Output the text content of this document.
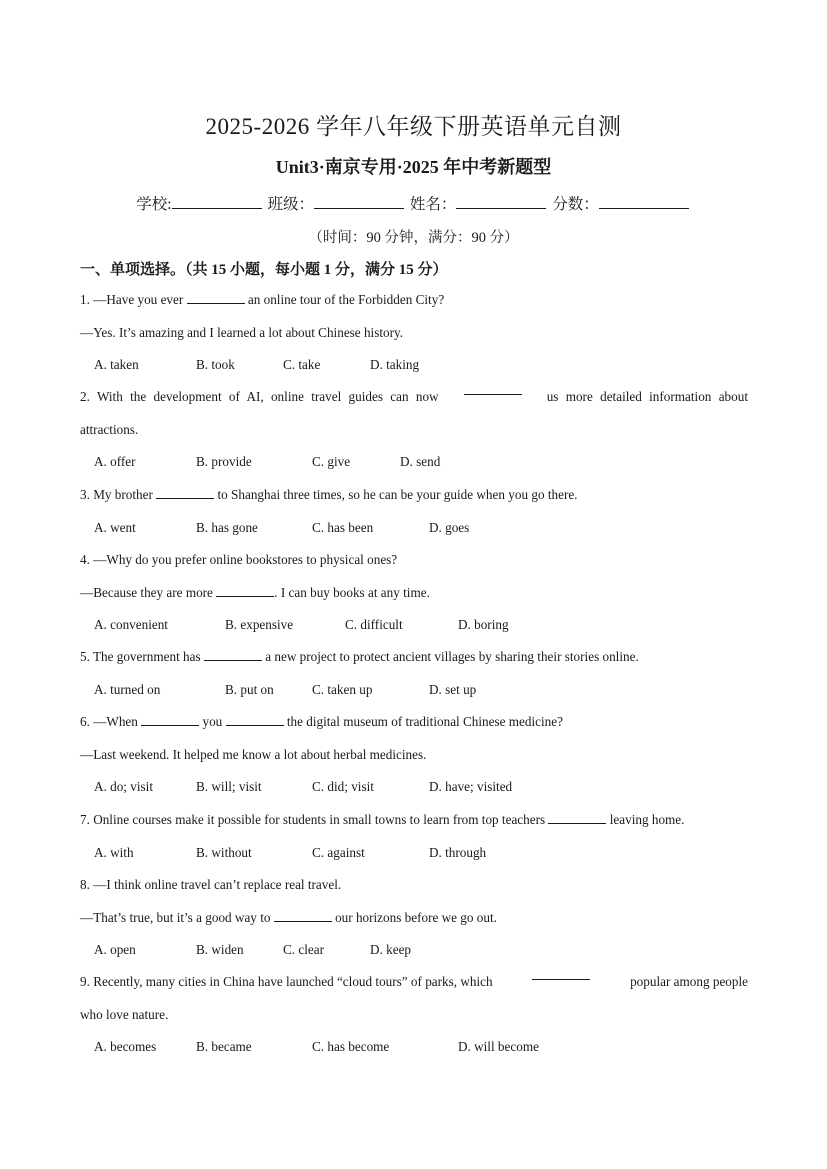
2025-2026 学年八年级下册英语单元自测
Unit3·南京专用·2025 年中考新题型
学校:	班级：	姓名：	分数：
（时间：90 分钟，满分：90 分）
一、单项选择。（共 15 小题，每小题 1 分，满分 15 分）
1. —Have you ever	an online tour of the Forbidden City?
—Yes. It’s amazing and I learned a lot about Chinese history.
A. taken	B. took	C. take	D. taking
2. With the development of AI, online travel guides can now	us more detailed information about
attractions.
A. offer	B. provide	C. give	D. send
3. My brother	to Shanghai three times, so he can be your guide when you go there.
A. went	B. has gone	C. has been	D. goes
4. —Why do you prefer online bookstores to physical ones?
—Because they are more	. I can buy books at any time.
A. convenient	B. expensive	C. difficult	D. boring
5. The government has	a new project to protect ancient villages by sharing their stories online.
A. turned on	B. put on	C. taken up	D. set up
6. —When	you	the digital museum of traditional Chinese medicine?
—Last weekend. It helped me know a lot about herbal medicines.
A. do; visit	B. will; visit	C. did; visit	D. have; visited
7. Online courses make it possible for students in small towns to learn from top teachers	leaving home.
A. with	B. without	C. against	D. through
8. —I think online travel can’t replace real travel.
—That’s true, but it’s a good way to	our horizons before we go out.
A. open	B. widen	C. clear	D. keep
9. Recently, many cities in China have launched “cloud tours” of parks, which	popular among people
who love nature.
A. becomes	B. became	C. has become	D. will become
